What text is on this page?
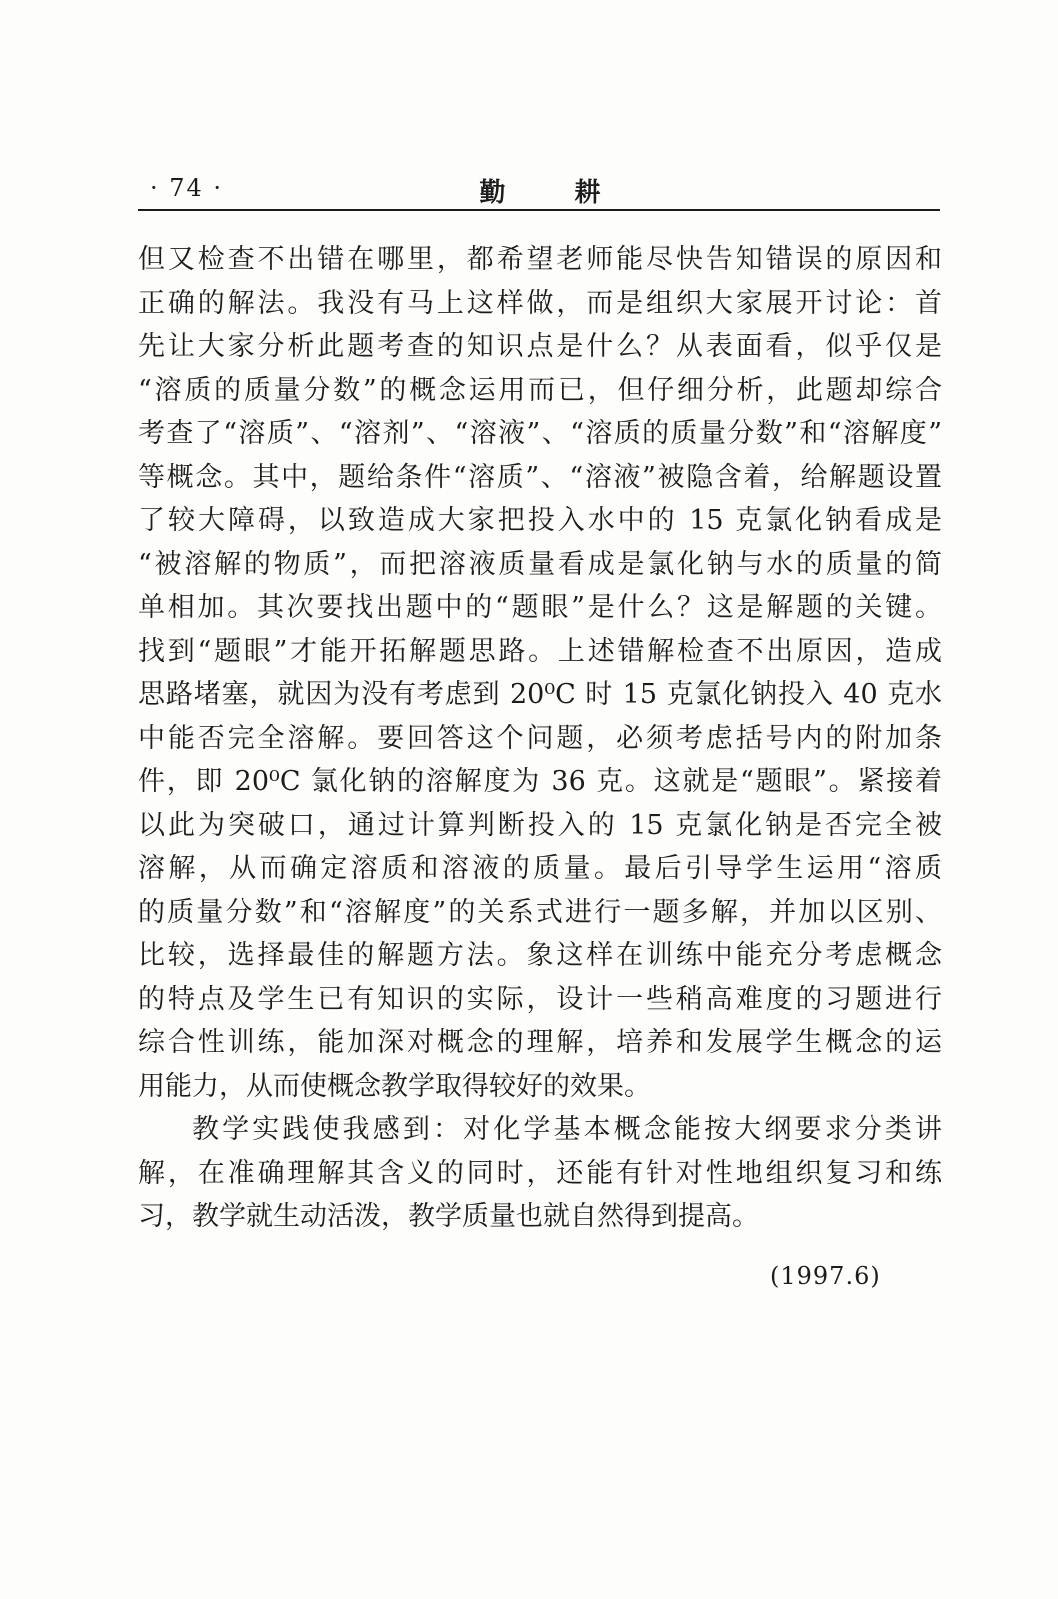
· 74 ·	勤 耕
但又检查不出错在哪里，都希望老师能尽快告知错误的原因和
正确的解法。我没有马上这样做，而是组织大家展开讨论：首
先让大家分析此题考查的知识点是什么？从表面看，似乎仅是
“溶质的质量分数”的概念运用而已，但仔细分析，此题却综合
考查了“溶质”、“溶剂”、“溶液”、“溶质的质量分数”和“溶解度”
等概念。其中，题给条件“溶质”、“溶液”被隐含着，给解题设置
了较大障碍，以致造成大家把投入水中的 15 克氯化钠看成是
“被溶解的物质”，而把溶液质量看成是氯化钠与水的质量的简
单相加。其次要找出题中的“题眼”是什么？这是解题的关键。
找到“题眼”才能开拓解题思路。上述错解检查不出原因，造成
思路堵塞，就因为没有考虑到 20⁰C 时 15 克氯化钠投入 40 克水
中能否完全溶解。要回答这个问题，必须考虑括号内的附加条
件，即 20⁰C 氯化钠的溶解度为 36 克。这就是“题眼”。紧接着
以此为突破口，通过计算判断投入的 15 克氯化钠是否完全被
溶解，从而确定溶质和溶液的质量。最后引导学生运用“溶质
的质量分数”和“溶解度”的关系式进行一题多解，并加以区别、
比较，选择最佳的解题方法。象这样在训练中能充分考虑概念
的特点及学生已有知识的实际，设计一些稍高难度的习题进行
综合性训练，能加深对概念的理解，培养和发展学生概念的运
用能力，从而使概念教学取得较好的效果。
教学实践使我感到：对化学基本概念能按大纲要求分类讲
解，在准确理解其含义的同时，还能有针对性地组织复习和练
习，教学就生动活泼，教学质量也就自然得到提高。
(1997.6)
